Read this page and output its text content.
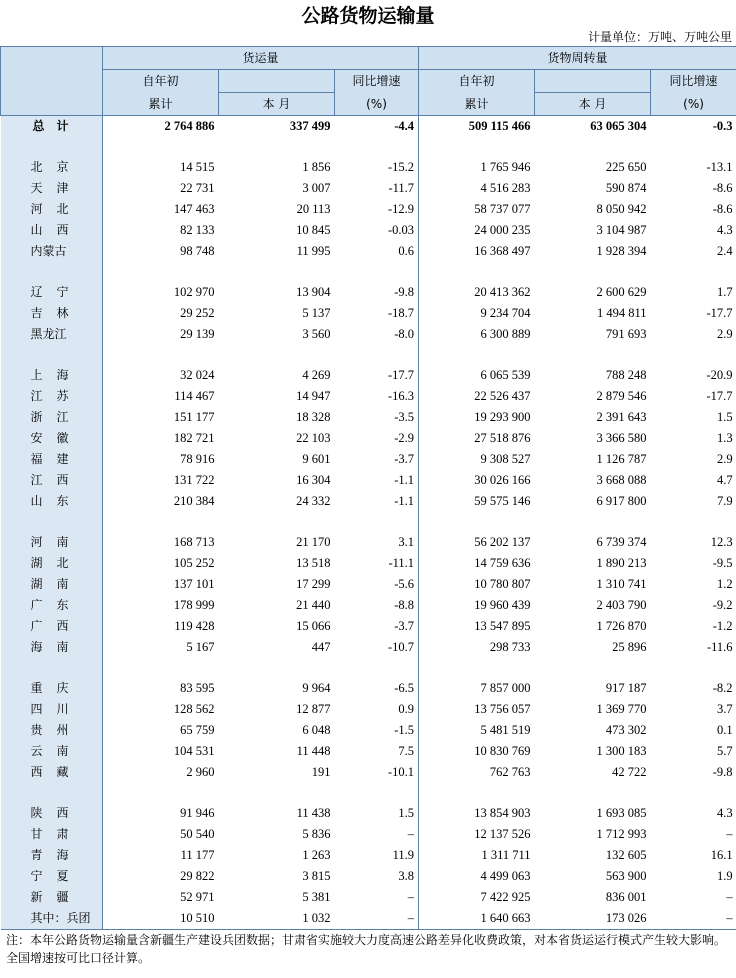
公路货物运输量
计量单位：万吨、万吨公里
	货运量			货物周转量		
	自年初		同比增速	自年初		同比增速
	累计	本 月	(%)	累计	本 月	(%)
总　计	2 764 886	337 499	-4.4	509 115 466	63 065 304	-0.3

北京	14 515	1 856	-15.2	1 765 946	225 650	-13.1
天津	22 731	3 007	-11.7	4 516 283	590 874	-8.6
河北	147 463	20 113	-12.9	58 737 077	8 050 942	-8.6
山西	82 133	10 845	-0.03	24 000 235	3 104 987	4.3
内蒙古	98 748	11 995	0.6	16 368 497	1 928 394	2.4

辽宁	102 970	13 904	-9.8	20 413 362	2 600 629	1.7
吉林	29 252	5 137	-18.7	9 234 704	1 494 811	-17.7
黑龙江	29 139	3 560	-8.0	6 300 889	791 693	2.9

上海	32 024	4 269	-17.7	6 065 539	788 248	-20.9
江苏	114 467	14 947	-16.3	22 526 437	2 879 546	-17.7
浙江	151 177	18 328	-3.5	19 293 900	2 391 643	1.5
安徽	182 721	22 103	-2.9	27 518 876	3 366 580	1.3
福建	78 916	9 601	-3.7	9 308 527	1 126 787	2.9
江西	131 722	16 304	-1.1	30 026 166	3 668 088	4.7
山东	210 384	24 332	-1.1	59 575 146	6 917 800	7.9

河南	168 713	21 170	3.1	56 202 137	6 739 374	12.3
湖北	105 252	13 518	-11.1	14 759 636	1 890 213	-9.5
湖南	137 101	17 299	-5.6	10 780 807	1 310 741	1.2
广东	178 999	21 440	-8.8	19 960 439	2 403 790	-9.2
广西	119 428	15 066	-3.7	13 547 895	1 726 870	-1.2
海南	5 167	447	-10.7	298 733	25 896	-11.6

重庆	83 595	9 964	-6.5	7 857 000	917 187	-8.2
四川	128 562	12 877	0.9	13 756 057	1 369 770	3.7
贵州	65 759	6 048	-1.5	5 481 519	473 302	0.1
云南	104 531	11 448	7.5	10 830 769	1 300 183	5.7
西藏	2 960	191	-10.1	762 763	42 722	-9.8

陕西	91 946	11 438	1.5	13 854 903	1 693 085	4.3
甘肃	50 540	5 836	–	12 137 526	1 712 993	–
青海	11 177	1 263	11.9	1 311 711	132 605	16.1
宁夏	29 822	3 815	3.8	4 499 063	563 900	1.9
新疆	52 971	5 381	–	7 422 925	836 001	–
其中：兵团	10 510	1 032	–	1 640 663	173 026	–
注：本年公路货物运输量含新疆生产建设兵团数据；甘肃省实施较大力度高速公路差异化收费政策，对本省货运运行模式产生较大影响。全国增速按可比口径计算。
